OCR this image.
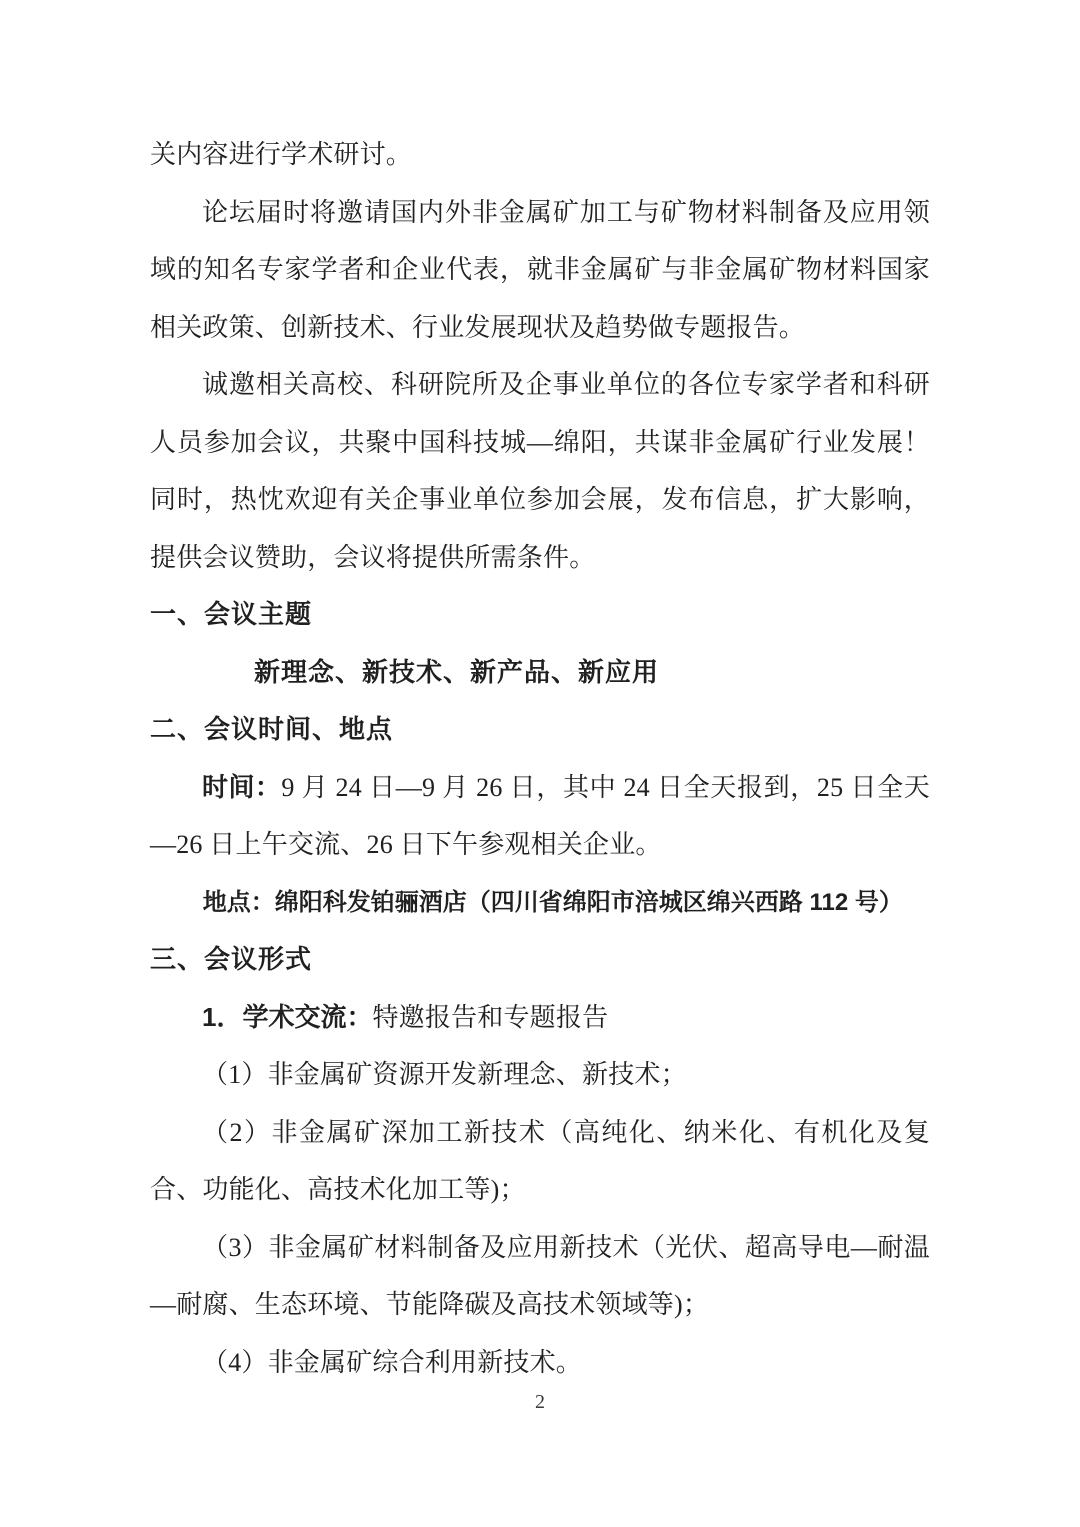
关内容进行学术研讨。

论坛届时将邀请国内外非金属矿加工与矿物材料制备及应用领域的知名专家学者和企业代表，就非金属矿与非金属矿物材料国家相关政策、创新技术、行业发展现状及趋势做专题报告。

诚邀相关高校、科研院所及企事业单位的各位专家学者和科研人员参加会议，共聚中国科技城—绵阳，共谋非金属矿行业发展！同时，热忱欢迎有关企事业单位参加会展，发布信息，扩大影响，提供会议赞助，会议将提供所需条件。

一、会议主题

新理念、新技术、新产品、新应用

二、会议时间、地点

时间：9 月 24 日—9 月 26 日，其中 24 日全天报到，25 日全天—26 日上午交流、26 日下午参观相关企业。

地点：绵阳科发铂骊酒店（四川省绵阳市涪城区绵兴西路 112 号）

三、会议形式

1．学术交流：特邀报告和专题报告

（1）非金属矿资源开发新理念、新技术；

（2）非金属矿深加工新技术（高纯化、纳米化、有机化及复合、功能化、高技术化加工等)；

（3）非金属矿材料制备及应用新技术（光伏、超高导电—耐温—耐腐、生态环境、节能降碳及高技术领域等)；

（4）非金属矿综合利用新技术。

2
